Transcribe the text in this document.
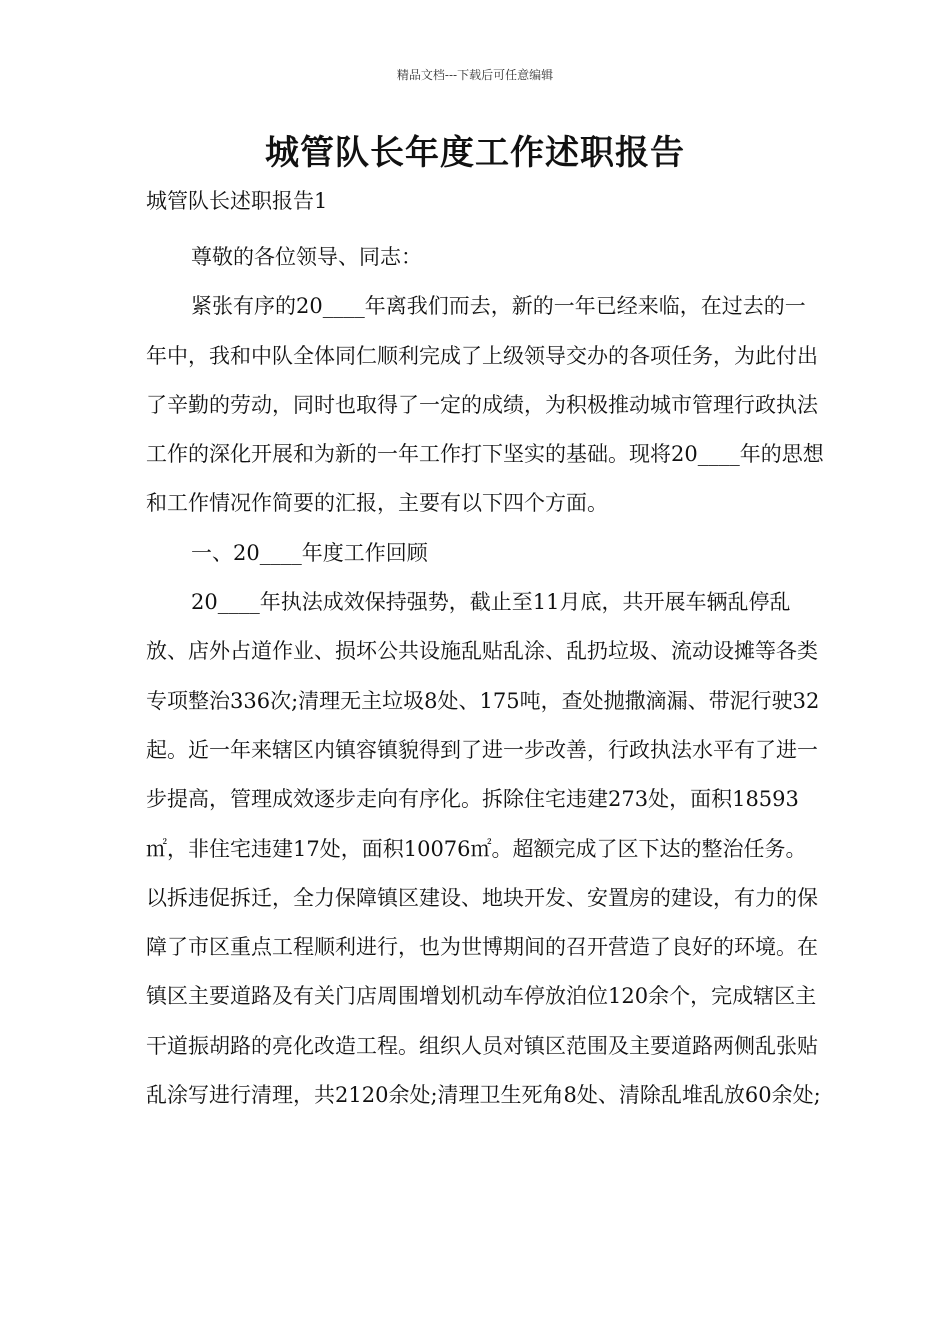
精品文档---下载后可任意编辑
城管队长年度工作述职报告
城管队长述职报告1

尊敬的各位领导、同志：

紧张有序的20____年离我们而去，新的一年已经来临，在过去的一年中，我和中队全体同仁顺利完成了上级领导交办的各项任务，为此付出了辛勤的劳动，同时也取得了一定的成绩，为积极推动城市管理行政执法工作的深化开展和为新的一年工作打下坚实的基础。现将20____年的思想和工作情况作简要的汇报，主要有以下四个方面。

一、20____年度工作回顾

20____年执法成效保持强势，截止至11月底，共开展车辆乱停乱放、店外占道作业、损坏公共设施乱贴乱涂、乱扔垃圾、流动设摊等各类专项整治336次;清理无主垃圾8处、175吨，查处抛撒滴漏、带泥行驶32起。近一年来辖区内镇容镇貌得到了进一步改善，行政执法水平有了进一步提高，管理成效逐步走向有序化。拆除住宅违建273处，面积18593㎡，非住宅违建17处，面积10076㎡。超额完成了区下达的整治任务。以拆违促拆迁，全力保障镇区建设、地块开发、安置房的建设，有力的保障了市区重点工程顺利进行，也为世博期间的召开营造了良好的环境。在镇区主要道路及有关门店周围增划机动车停放泊位120余个，完成辖区主干道振胡路的亮化改造工程。组织人员对镇区范围及主要道路两侧乱张贴乱涂写进行清理，共2120余处;清理卫生死角8处、清除乱堆乱放60余处;
